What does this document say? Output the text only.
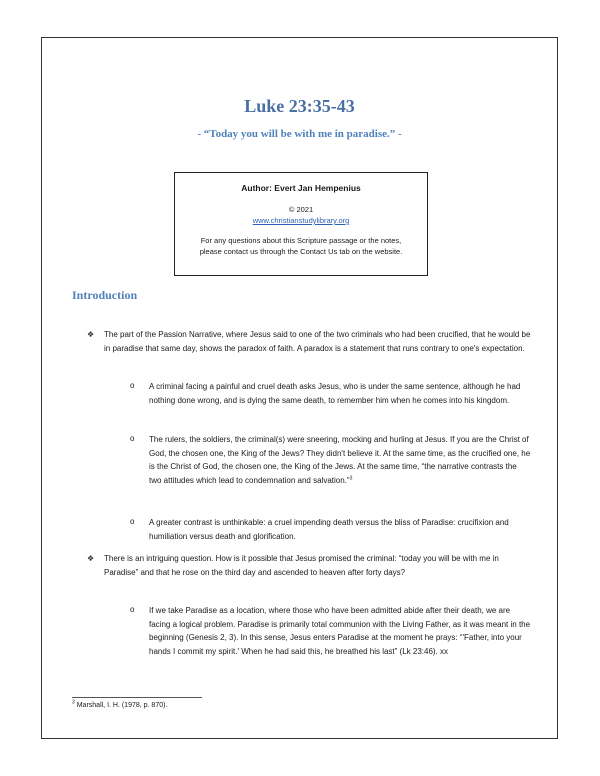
Luke 23:35-43
- “Today you will be with me in paradise.” -
Author: Evert Jan Hempenius
© 2021
www.christianstudylibrary.org
For any questions about this Scripture passage or the notes,
please contact us through the Contact Us tab on the website.
Introduction
❖ The part of the Passion Narrative, where Jesus said to one of the two criminals who had been crucified, that he would be in paradise that same day, shows the paradox of faith. A paradox is a statement that runs contrary to one's expectation.
o A criminal facing a painful and cruel death asks Jesus, who is under the same sentence, although he had nothing done wrong, and is dying the same death, to remember him when he comes into his kingdom.
o The rulers, the soldiers, the criminal(s) were sneering, mocking and hurling at Jesus. If you are the Christ of God, the chosen one, the King of the Jews? They didn't believe it. At the same time, as the crucified one, he is the Christ of God, the chosen one, the King of the Jews. At the same time, “the narrative contrasts the two attitudes which lead to condemnation and salvation.”$^3$
o A greater contrast is unthinkable: a cruel impending death versus the bliss of Paradise: crucifixion and humiliation versus death and glorification.
❖ There is an intriguing question. How is it possible that Jesus promised the criminal: “today you will be with me in Paradise” and that he rose on the third day and ascended to heaven after forty days?
o If we take Paradise as a location, where those who have been admitted abide after their death, we are facing a logical problem. Paradise is primarily total communion with the Living Father, as it was meant in the beginning (Genesis 2, 3). In this sense, Jesus enters Paradise at the moment he prays: “'Father, into your hands I commit my spirit.' When he had said this, he breathed his last” (Lk 23:46). xx
$^3$ Marshall, I. H. (1978, p. 870).
